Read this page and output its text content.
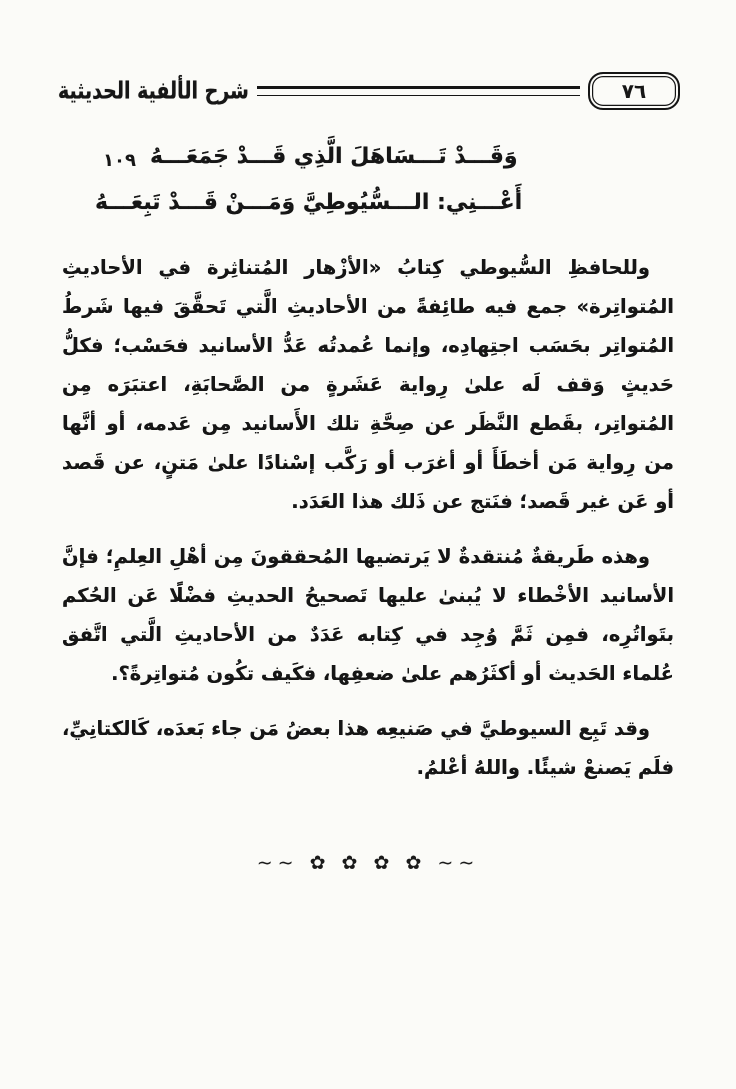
شرح الألفية الحديثية	٧٦
١٠٩ وَقَـــدْ تَـــسَاهَلَ الَّذِي قَـــدْ جَمَعَـــهُ
أَعْـــنِي: الـــسُّيُوطِيَّ وَمَـــنْ قَـــدْ تَبِعَـــهُ

وللحافظِ السُّيوطي كِتابُ «الأزْهار المُتناثِرة في الأحاديثِ المُتواتِرة» جمع فيه طائِفةً من الأحاديثِ الَّتي تَحقَّقَ فيها شَرطُ المُتواتِر بحَسَب اجتِهادِه، وإنما عُمدتُه عَدُّ الأسانيد فحَسْب؛ فكلُّ حَديثٍ وَقف لَه علىٰ رِواية عَشَرةٍ من الصَّحابَةِ، اعتبَرَه مِن المُتواتِر، بقَطع النَّظَر عن صِحَّةِ تلك الأَسانيد مِن عَدمه، أو أنَّها من رِواية مَن أخطَأَ أو أغرَب أو رَكَّب إسْنادًا علىٰ مَتنٍ، عن قَصد أو عَن غير قَصد؛ فنَتج عن ذَلك هذا العَدَد.

وهذه طَريقةٌ مُنتقدةٌ لا يَرتضيها المُحققونَ مِن أهْلِ العِلمِ؛ فإنَّ الأسانيد الأخْطاء لا يُبنىٰ عليها تَصحيحُ الحديثِ فضْلًا عَن الحُكم بتَواتُرِه، فمِن ثَمَّ وُجِد في كِتابه عَدَدٌ من الأحاديثِ الَّتي اتَّفق عُلماء الحَديث أو أكثَرُهم علىٰ ضعفِها، فكَيف تكُون مُتواتِرةً؟.

وقد تَبِع السيوطيَّ في صَنيعِه هذا بعضُ مَن جاء بَعدَه، كَالكتانِيِّ، فلَم يَصنعْ شيئًا. واللهُ أعْلمُ.

∽∽ ✿ ✿ ✿ ✿ ∽∽
